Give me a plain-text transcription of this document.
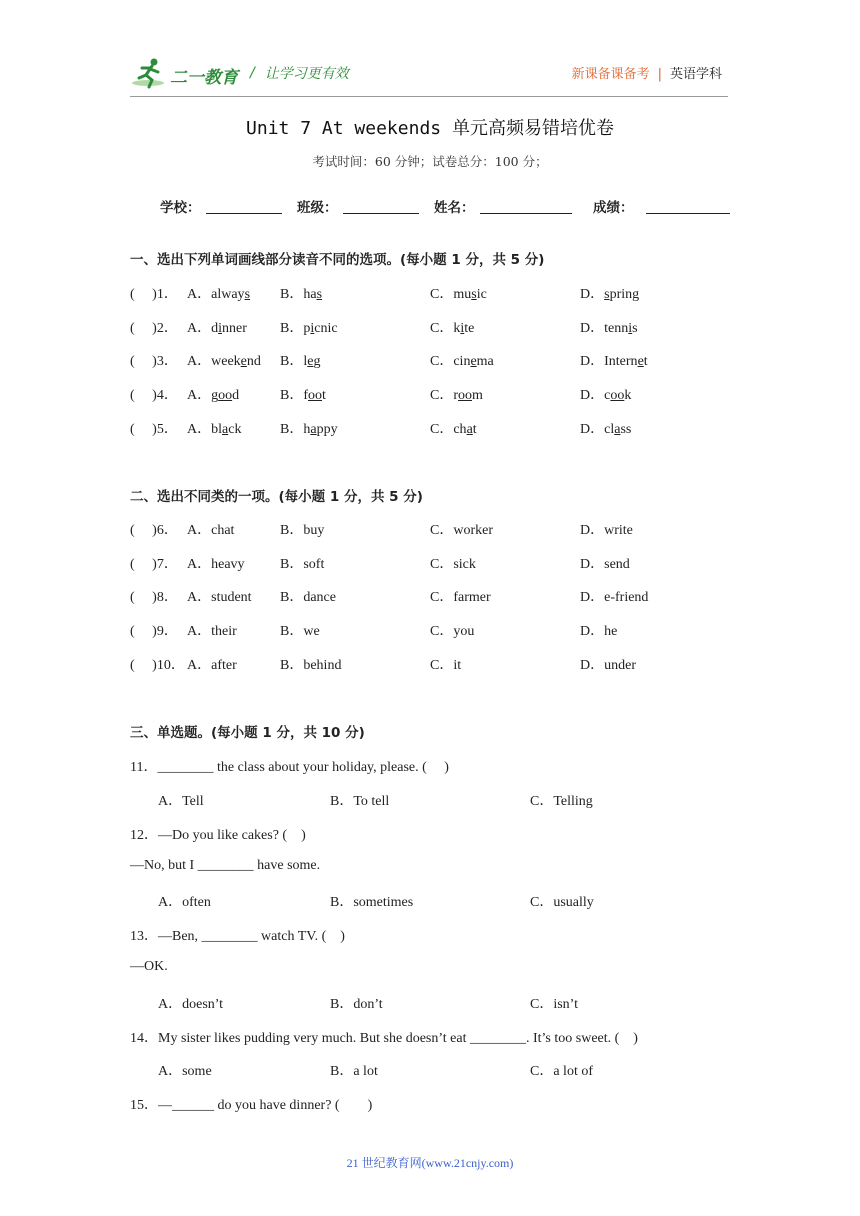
二一教育 / 让学习更有效	新课备课备考 | 英语学科
Unit 7 At weekends 单元高频易错培优卷
考试时间：60 分钟；试卷总分：100 分；
学校：	班级：	姓名：	成绩：
一、选出下列单词画线部分读音不同的选项。(每小题 1 分，共 5 分)
二、选出不同类的一项。(每小题 1 分，共 5 分)
三、单选题。(每小题 1 分，共 10 分)
(　 )1． A．always B．has	C．music	D．spring
(　 )2． A．dinner B．picnic	C．kite	D．tennis
(　 )3． A．weekend B．leg	C．cinema	D．Internet
(　 )4． A．good	B．foot	C．room	D．cook
(　 )5． A．black	B．happy	C．chat	D．class
(　 )6． A．chat	B．buy	C．worker	D．write
(　 )7． A．heavy	B．soft	C．sick	D．send
(　 )8． A．student B．dance	C．farmer	D．e-friend
(　 )9． A．their	B．we	C．you	D．he
(　 )10． A．after	B．behind	C．it	D．under
11．________ the class about your holiday, please. (　 )
A．Tell	B．To tell	C．Telling
12．—Do you like cakes? (　)
—No, but I ________ have some.
A．often	B．sometimes	C．usually
13．—Ben, ________ watch TV. (　)
—OK.
A．doesn’t	B．don’t	C．isn’t
14．My sister likes pudding very much. But she doesn’t eat ________. It’s too sweet. (　)
A．some	B．a lot	C．a lot of
15．—______ do you have dinner? (　　)
21 世纪教育网(www.21cnjy.com)
